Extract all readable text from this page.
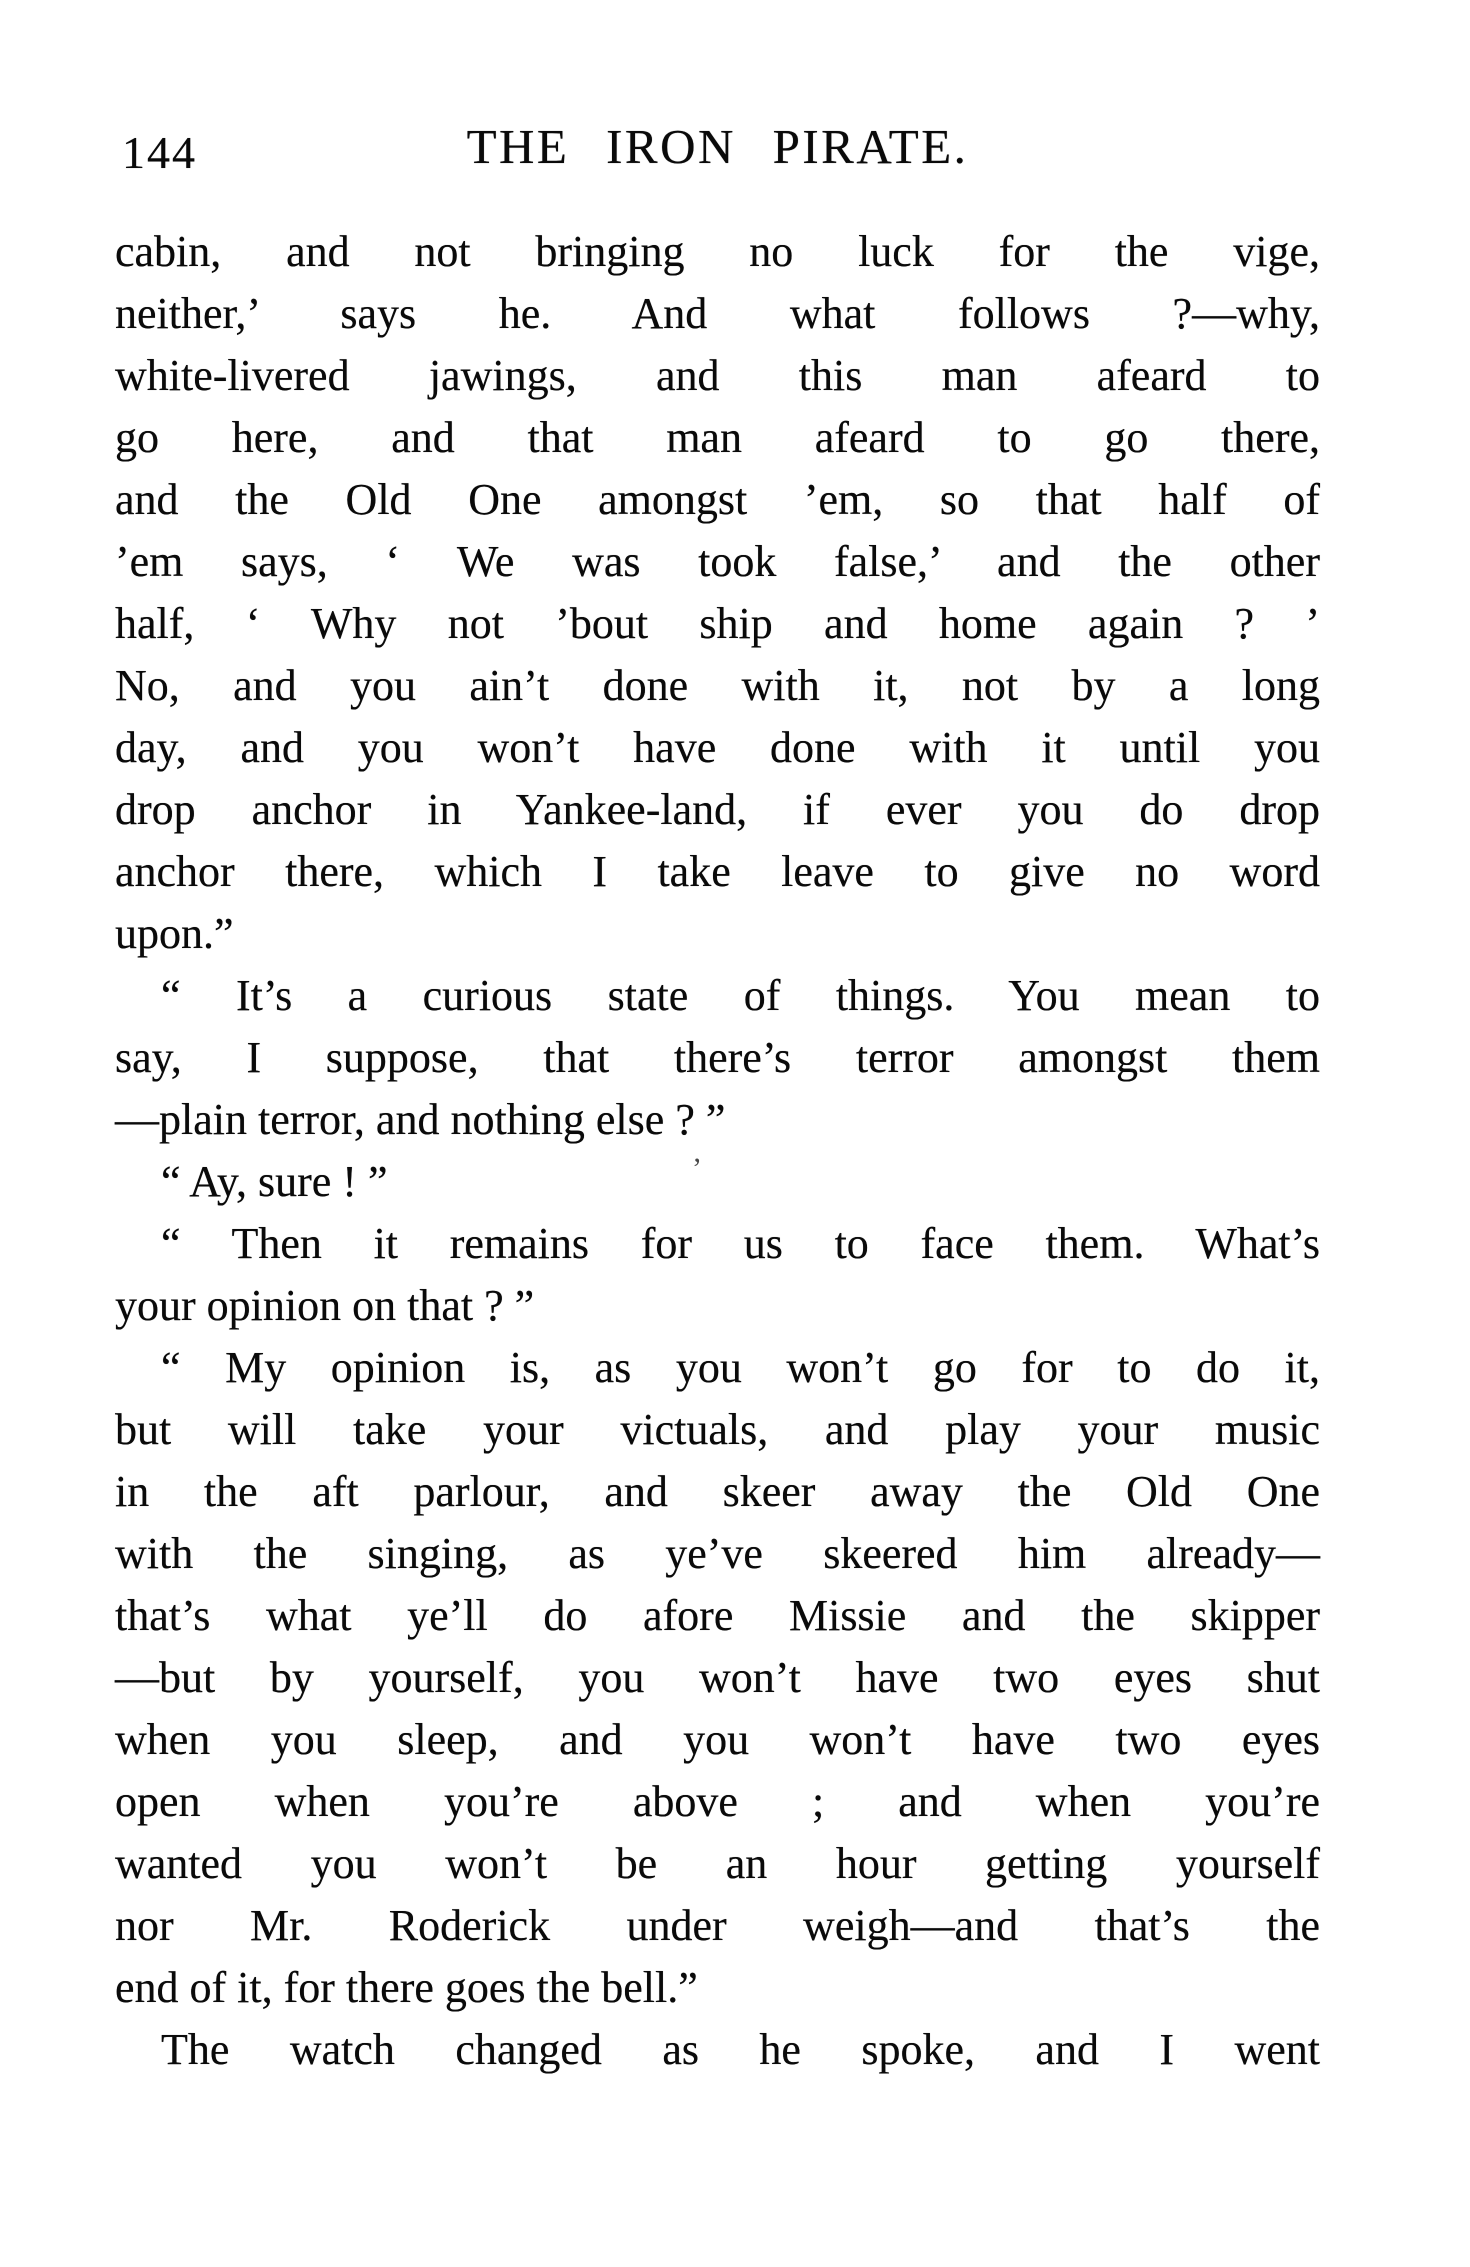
144	THE IRON PIRATE.
cabin, and not bringing no luck for the vige,
neither,’ says he. And what follows ?—why,
white-livered jawings, and this man afeard to
go here, and that man afeard to go there,
and the Old One amongst ’em, so that half of
’em says, ‘ We was took false,’ and the other
half, ‘ Why not ’bout ship and home again ? ’
No, and you ain’t done with it, not by a long
day, and you won’t have done with it until you
drop anchor in Yankee-land, if ever you do drop
anchor there, which I take leave to give no word
upon.”
“ It’s a curious state of things. You mean to
say, I suppose, that there’s terror amongst them
—plain terror, and nothing else ? ”
“ Ay, sure ! ”
“ Then it remains for us to face them. What’s
your opinion on that ? ”
“ My opinion is, as you won’t go for to do it,
but will take your victuals, and play your music
in the aft parlour, and skeer away the Old One
with the singing, as ye’ve skeered him already—
that’s what ye’ll do afore Missie and the skipper
—but by yourself, you won’t have two eyes shut
when you sleep, and you won’t have two eyes
open when you’re above ; and when you’re
wanted you won’t be an hour getting yourself
nor Mr. Roderick under weigh—and that’s the
end of it, for there goes the bell.”
The watch changed as he spoke, and I went
’
